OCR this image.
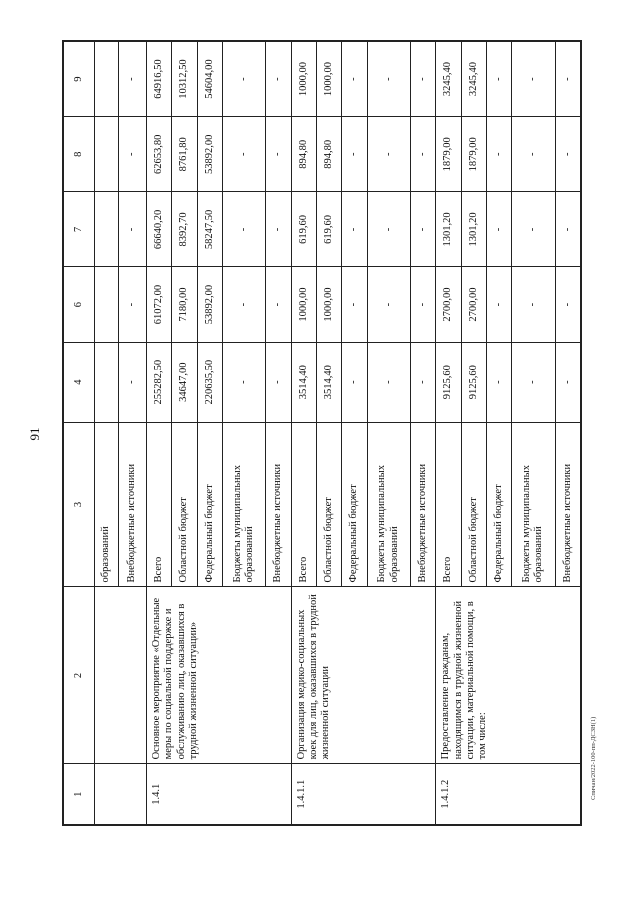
91
1	2	3	4	6	7	8	9
		образований					
		Внебюджетные источники	-	-	-	-	-
1.4.1	Основное мероприятие «Отдельные меры по социальной поддержке и обслуживанию лиц, оказавшихся в трудной жизненной ситуации»	Всего	255282,50	61072,00	66640,20	62653,80	64916,50
		Областной бюджет	34647,00	7180,00	8392,70	8761,80	10312,50
		Федеральный бюджет	220635,50	53892,00	58247,50	53892,00	54604,00
		Бюджеты муниципальных образований	-	-	-	-	-
		Внебюджетные источники	-	-	-	-	-
1.4.1.1	Организация медико-социальных коек для лиц, оказавшихся в трудной жизненной ситуации	Всего	3514,40	1000,00	619,60	894,80	1000,00
		Областной бюджет	3514,40	1000,00	619,60	894,80	1000,00
		Федеральный бюджет	-	-	-	-	-
		Бюджеты муниципальных образований	-	-	-	-	-
		Внебюджетные источники	-	-	-	-	-
1.4.1.2	Предоставление гражданам, находящимся в трудной жизненной ситуации, материальной помощи, в том числе:	Всего	9125,60	2700,00	1301,20	1879,00	3245,40
		Областной бюджет	9125,60	2700,00	1301,20	1879,00	3245,40
		Федеральный бюджет	-	-	-	-	-
		Бюджеты муниципальных образований	-	-	-	-	-
		Внебюджетные источники	-	-	-	-	-
Спичан/2022-100-пп-ДСЗН(1)
